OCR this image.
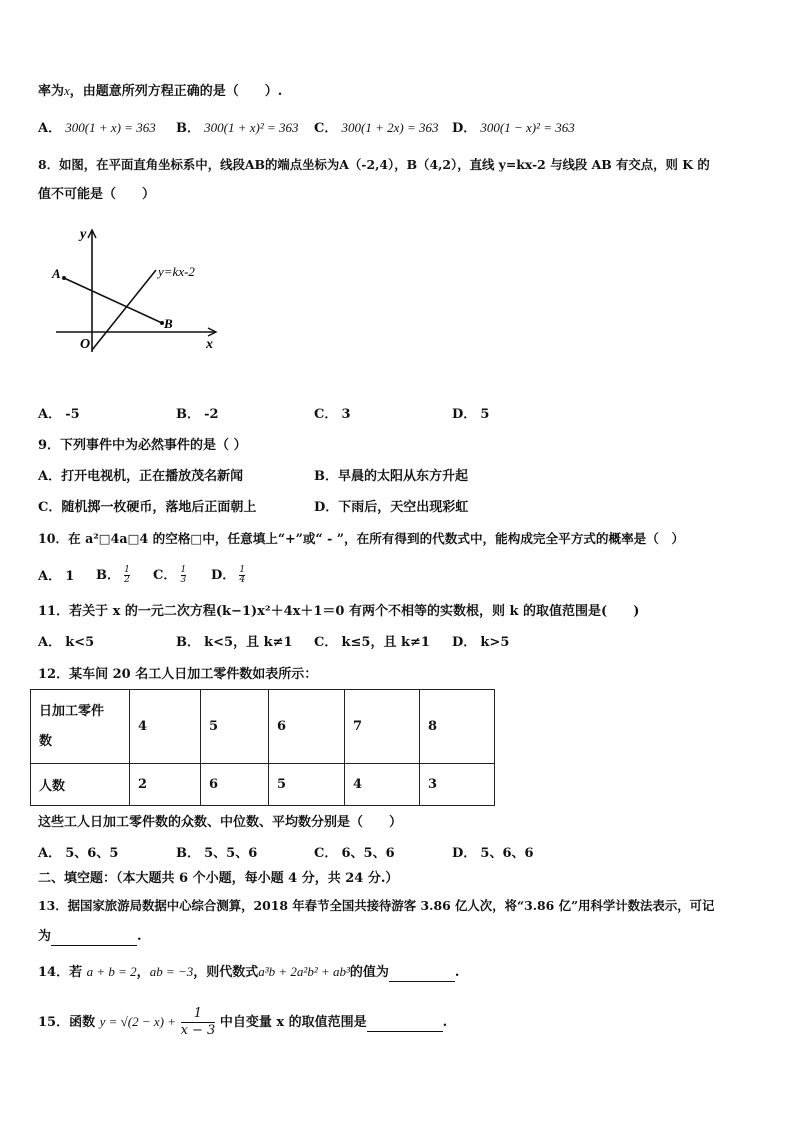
率为x，由题意所列方程正确的是（　　）.
A． 300(1 + x) = 363 B． 300(1 + x)² = 363 C． 300(1 + 2x) = 363 D． 300(1 − x)² = 363
8．如图，在平面直角坐标系中，线段AB的端点坐标为A（-2,4），B（4,2），直线 y=kx-2 与线段 AB 有交点，则 K 的
值不可能是（　　）
y
x
O
A
B
y=kx-2
A． -5	B． -2	C． 3	D． 5
9．下列事件中为必然事件的是（ ）
A．打开电视机，正在播放茂名新闻	B．早晨的太阳从东方升起
C．随机掷一枚硬币，落地后正面朝上	D．下雨后，天空出现彩虹
10．在 a²□4a□4 的空格□中，任意填上“+”或“ - ”，在所有得到的代数式中，能构成完全平方式的概率是（　）
A． 1 B． $\frac{1}{2}$ C． $\frac{1}{3}$ D． $\frac{1}{4}$
11．若关于 x 的一元二次方程(k−1)x²＋4x＋1＝0 有两个不相等的实数根，则 k 的取值范围是(　　)
A． k<5	B． k<5，且 k≠1 C． k≤5，且 k≠1 D． k>5
12．某车间 20 名工人日加工零件数如表所示：
日加工零件
数	4	5	6	7	8
人数	2	6	5	4	3
这些工人日加工零件数的众数、中位数、平均数分别是（　　）
A． 5、6、5	B． 5、5、6	C． 6、5、6	D． 5、6、6
二、填空题：（本大题共 6 个小题，每小题 4 分，共 24 分.）
13．据国家旅游局数据中心综合测算，2018 年春节全国共接待游客 3.86 亿人次，将“3.86 亿”用科学计数法表示，可记
为	.
14．若 a + b = 2，ab = −3，则代数式a³b + 2a²b² + ab³的值为	.
15．函数 $y = √(2 - x) + \frac{1}{x - 3}$ 中自变量 x 的取值范围是	.
